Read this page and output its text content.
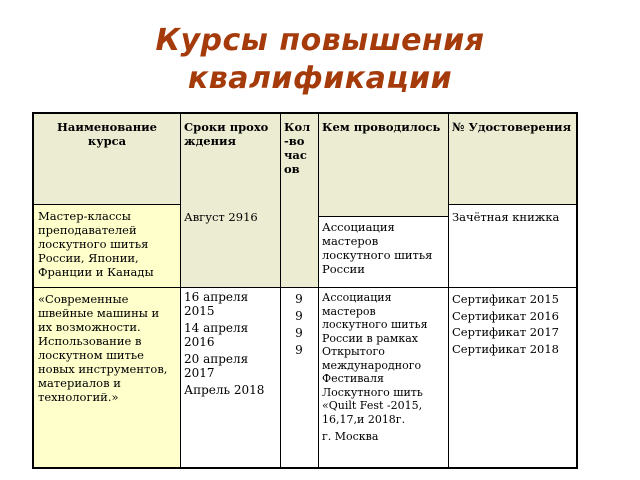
Курсы повышения
квалификации
Наименование курса
Сроки прохождения
Кол-во часов
Кем проводилось	№ Удостоверения
Мастер-классы преподавателей лоскутного шитья России, Японии, Франции и Канады
Август 2916
Ассоциация мастеров лоскутного шитья России
Зачётная книжка
«Современные швейные машины и их возможности. Использование в лоскутном шитье новых инструментов, материалов и технологий.»
16 апреля 2015
14 апреля 2016
20 апреля 2017
Апрель 2018
9
9
9
9
Ассоциация мастеров лоскутного шитья России в рамках Открытого международного Фестиваля Лоскутного шить «Quilt Fest -2015, 16,17,и 2018г.
г. Москва
Сертификат 2015
Сертификат 2016
Сертификат 2017
Сертификат 2018
